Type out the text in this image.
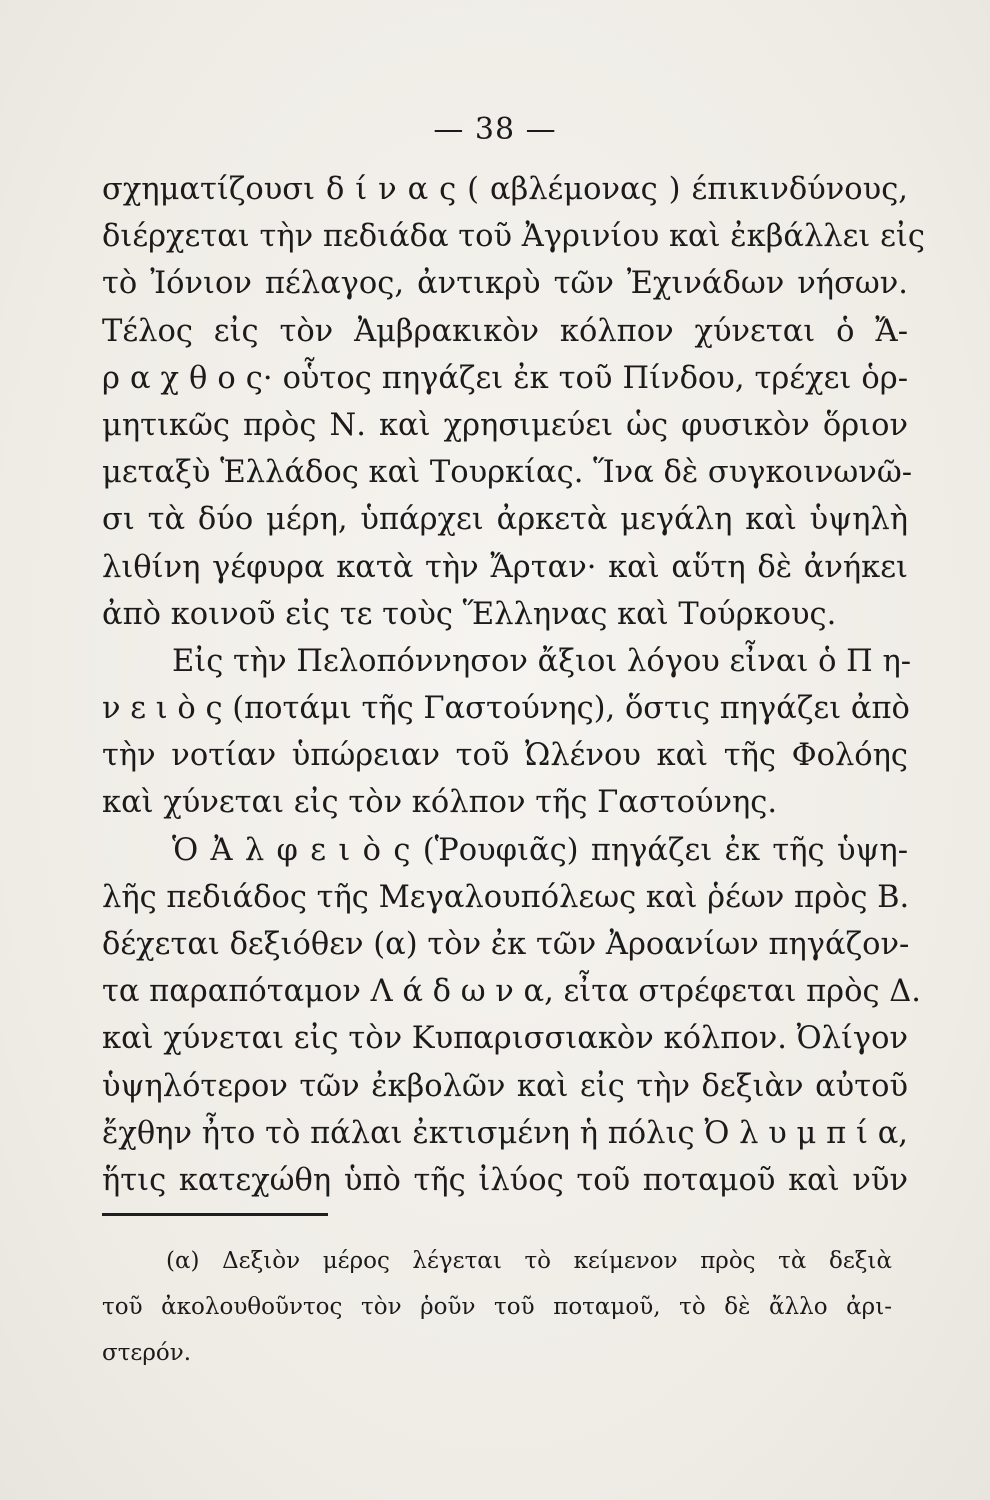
— 38 —
σχηματίζουσι δ ί ν α ς ( αβλέμονας ) έπικινδύνους,
διέρχεται τὴν πεδιάδα τοῦ Ἀγρινίου καὶ ἐκβάλλει εἰς
τὸ Ἰόνιον πέλαγος, ἀντικρὺ τῶν Ἐχινάδων νήσων.
Τέλος εἰς τὸν Ἀμβρακικὸν κόλπον χύνεται ὁ Ἄ-
ρ α χ θ ο ς· οὗτος πηγάζει ἐκ τοῦ Πίνδου, τρέχει ὁρ-
μητικῶς πρὸς Ν. καὶ χρησιμεύει ὡς φυσικὸν ὅριον
μεταξὺ Ἑλλάδος καὶ Τουρκίας. Ἵνα δὲ συγκοινωνῶ-
σι τὰ δύο μέρη, ὑπάρχει ἀρκετὰ μεγάλη καὶ ὑψηλὴ
λιθίνη γέφυρα κατὰ τὴν Ἄρταν· καὶ αὕτη δὲ ἀνήκει
ἀπὸ κοινοῦ εἰς τε τοὺς Ἕλληνας καὶ Τούρκους.
Εἰς τὴν Πελοπόννησον ἄξιοι λόγου εἶναι ὁ Π η-
ν ε ι ὸ ς (ποτάμι τῆς Γαστούνης), ὅστις πηγάζει ἀπὸ
τὴν νοτίαν ὑπώρειαν τοῦ Ὠλένου καὶ τῆς Φολόης
καὶ χύνεται εἰς τὸν κόλπον τῆς Γαστούνης.
Ὁ Ἀ λ φ ε ι ὸ ς (Ῥουφιᾶς) πηγάζει ἐκ τῆς ὑψη-
λῆς πεδιάδος τῆς Μεγαλουπόλεως καὶ ῥέων πρὸς Β.
δέχεται δεξιόθεν (α) τὸν ἐκ τῶν Ἀροανίων πηγάζον-
τα παραπόταμον Λ ά δ ω ν α, εἶτα στρέφεται πρὸς Δ.
καὶ χύνεται εἰς τὸν Κυπαρισσιακὸν κόλπον. Ὀλίγον
ὑψηλότερον τῶν ἐκβολῶν καὶ εἰς τὴν δεξιὰν αὐτοῦ
ἔχθην ἦτο τὸ πάλαι ἐκτισμένη ἡ πόλις Ὀ λ υ μ π ί α,
ἥτις κατεχώθη ὑπὸ τῆς ἰλύος τοῦ ποταμοῦ καὶ νῦν
(α) Δεξιὸν μέρος λέγεται τὸ κείμενον πρὸς τὰ δεξιὰ
τοῦ ἀκολουθοῦντος τὸν ῥοῦν τοῦ ποταμοῦ, τὸ δὲ ἄλλο ἀρι-
στερόν.
